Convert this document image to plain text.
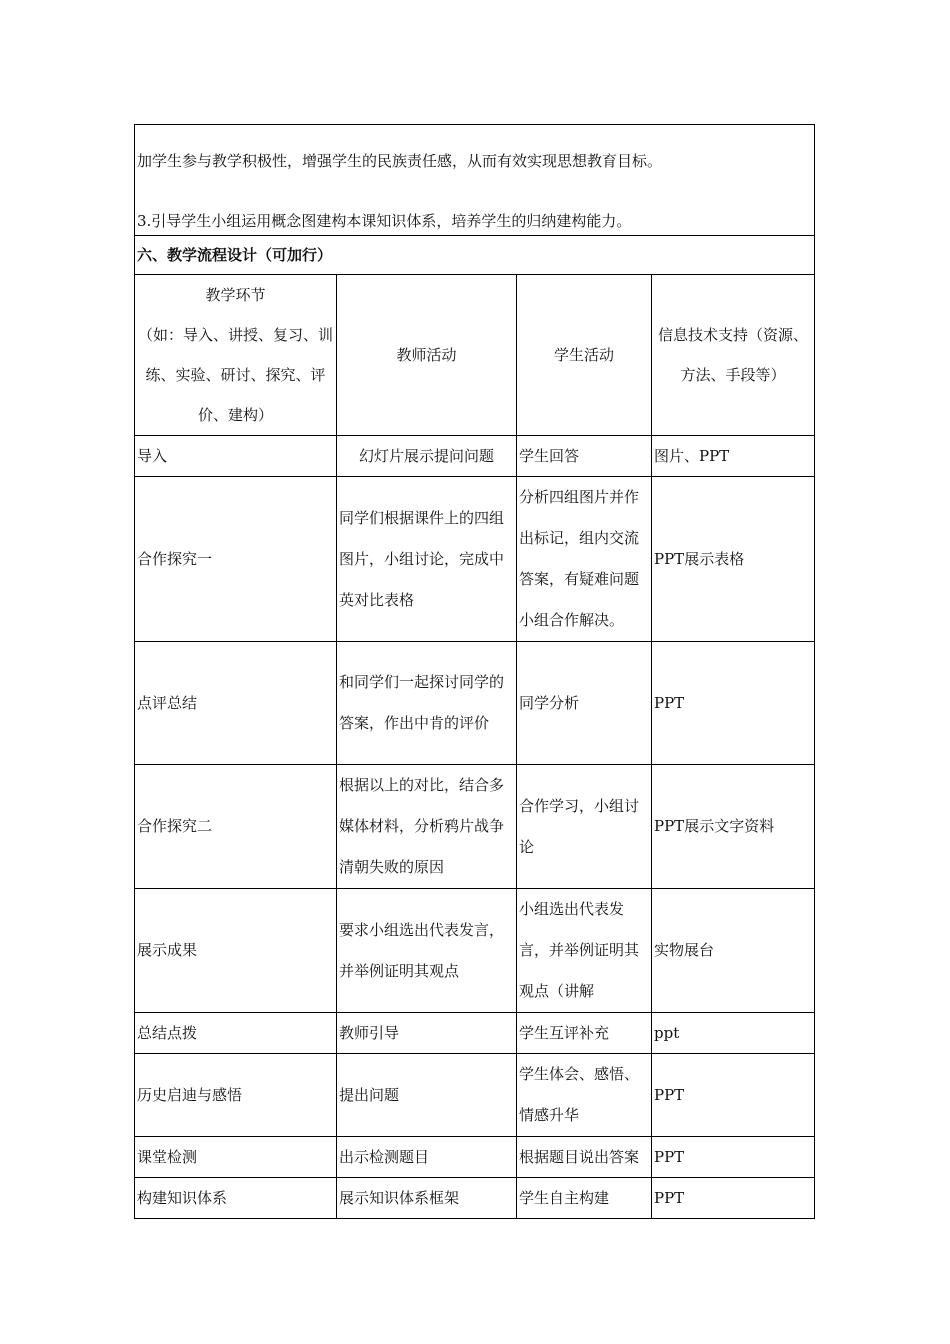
加学生参与教学积极性，增强学生的民族责任感，从而有效实现思想教育目标。

3.引导学生小组运用概念图建构本课知识体系，培养学生的归纳建构能力。			

六、教学流程设计（可加行）			
教学环节
（如：导入、讲授、复习、训练、实验、研讨、探究、评价、建构）	教师活动	学生活动	信息技术支持（资源、方法、手段等）
导入	幻灯片展示提问问题	学生回答	图片、PPT
合作探究一	同学们根据课件上的四组图片，小组讨论，完成中英对比表格	分析四组图片并作出标记，组内交流答案，有疑难问题小组合作解决。	PPT展示表格
点评总结	和同学们一起探讨同学的答案，作出中肯的评价	同学分析	PPT
合作探究二	根据以上的对比，结合多媒体材料，分析鸦片战争清朝失败的原因	合作学习，小组讨论	PPT展示文字资料
展示成果	要求小组选出代表发言，并举例证明其观点	小组选出代表发言，并举例证明其观点（讲解	实物展台
总结点拨	教师引导	学生互评补充	ppt
历史启迪与感悟	提出问题	学生体会、感悟、情感升华	PPT
课堂检测	出示检测题目	根据题目说出答案	PPT
构建知识体系	展示知识体系框架	学生自主构建	PPT
